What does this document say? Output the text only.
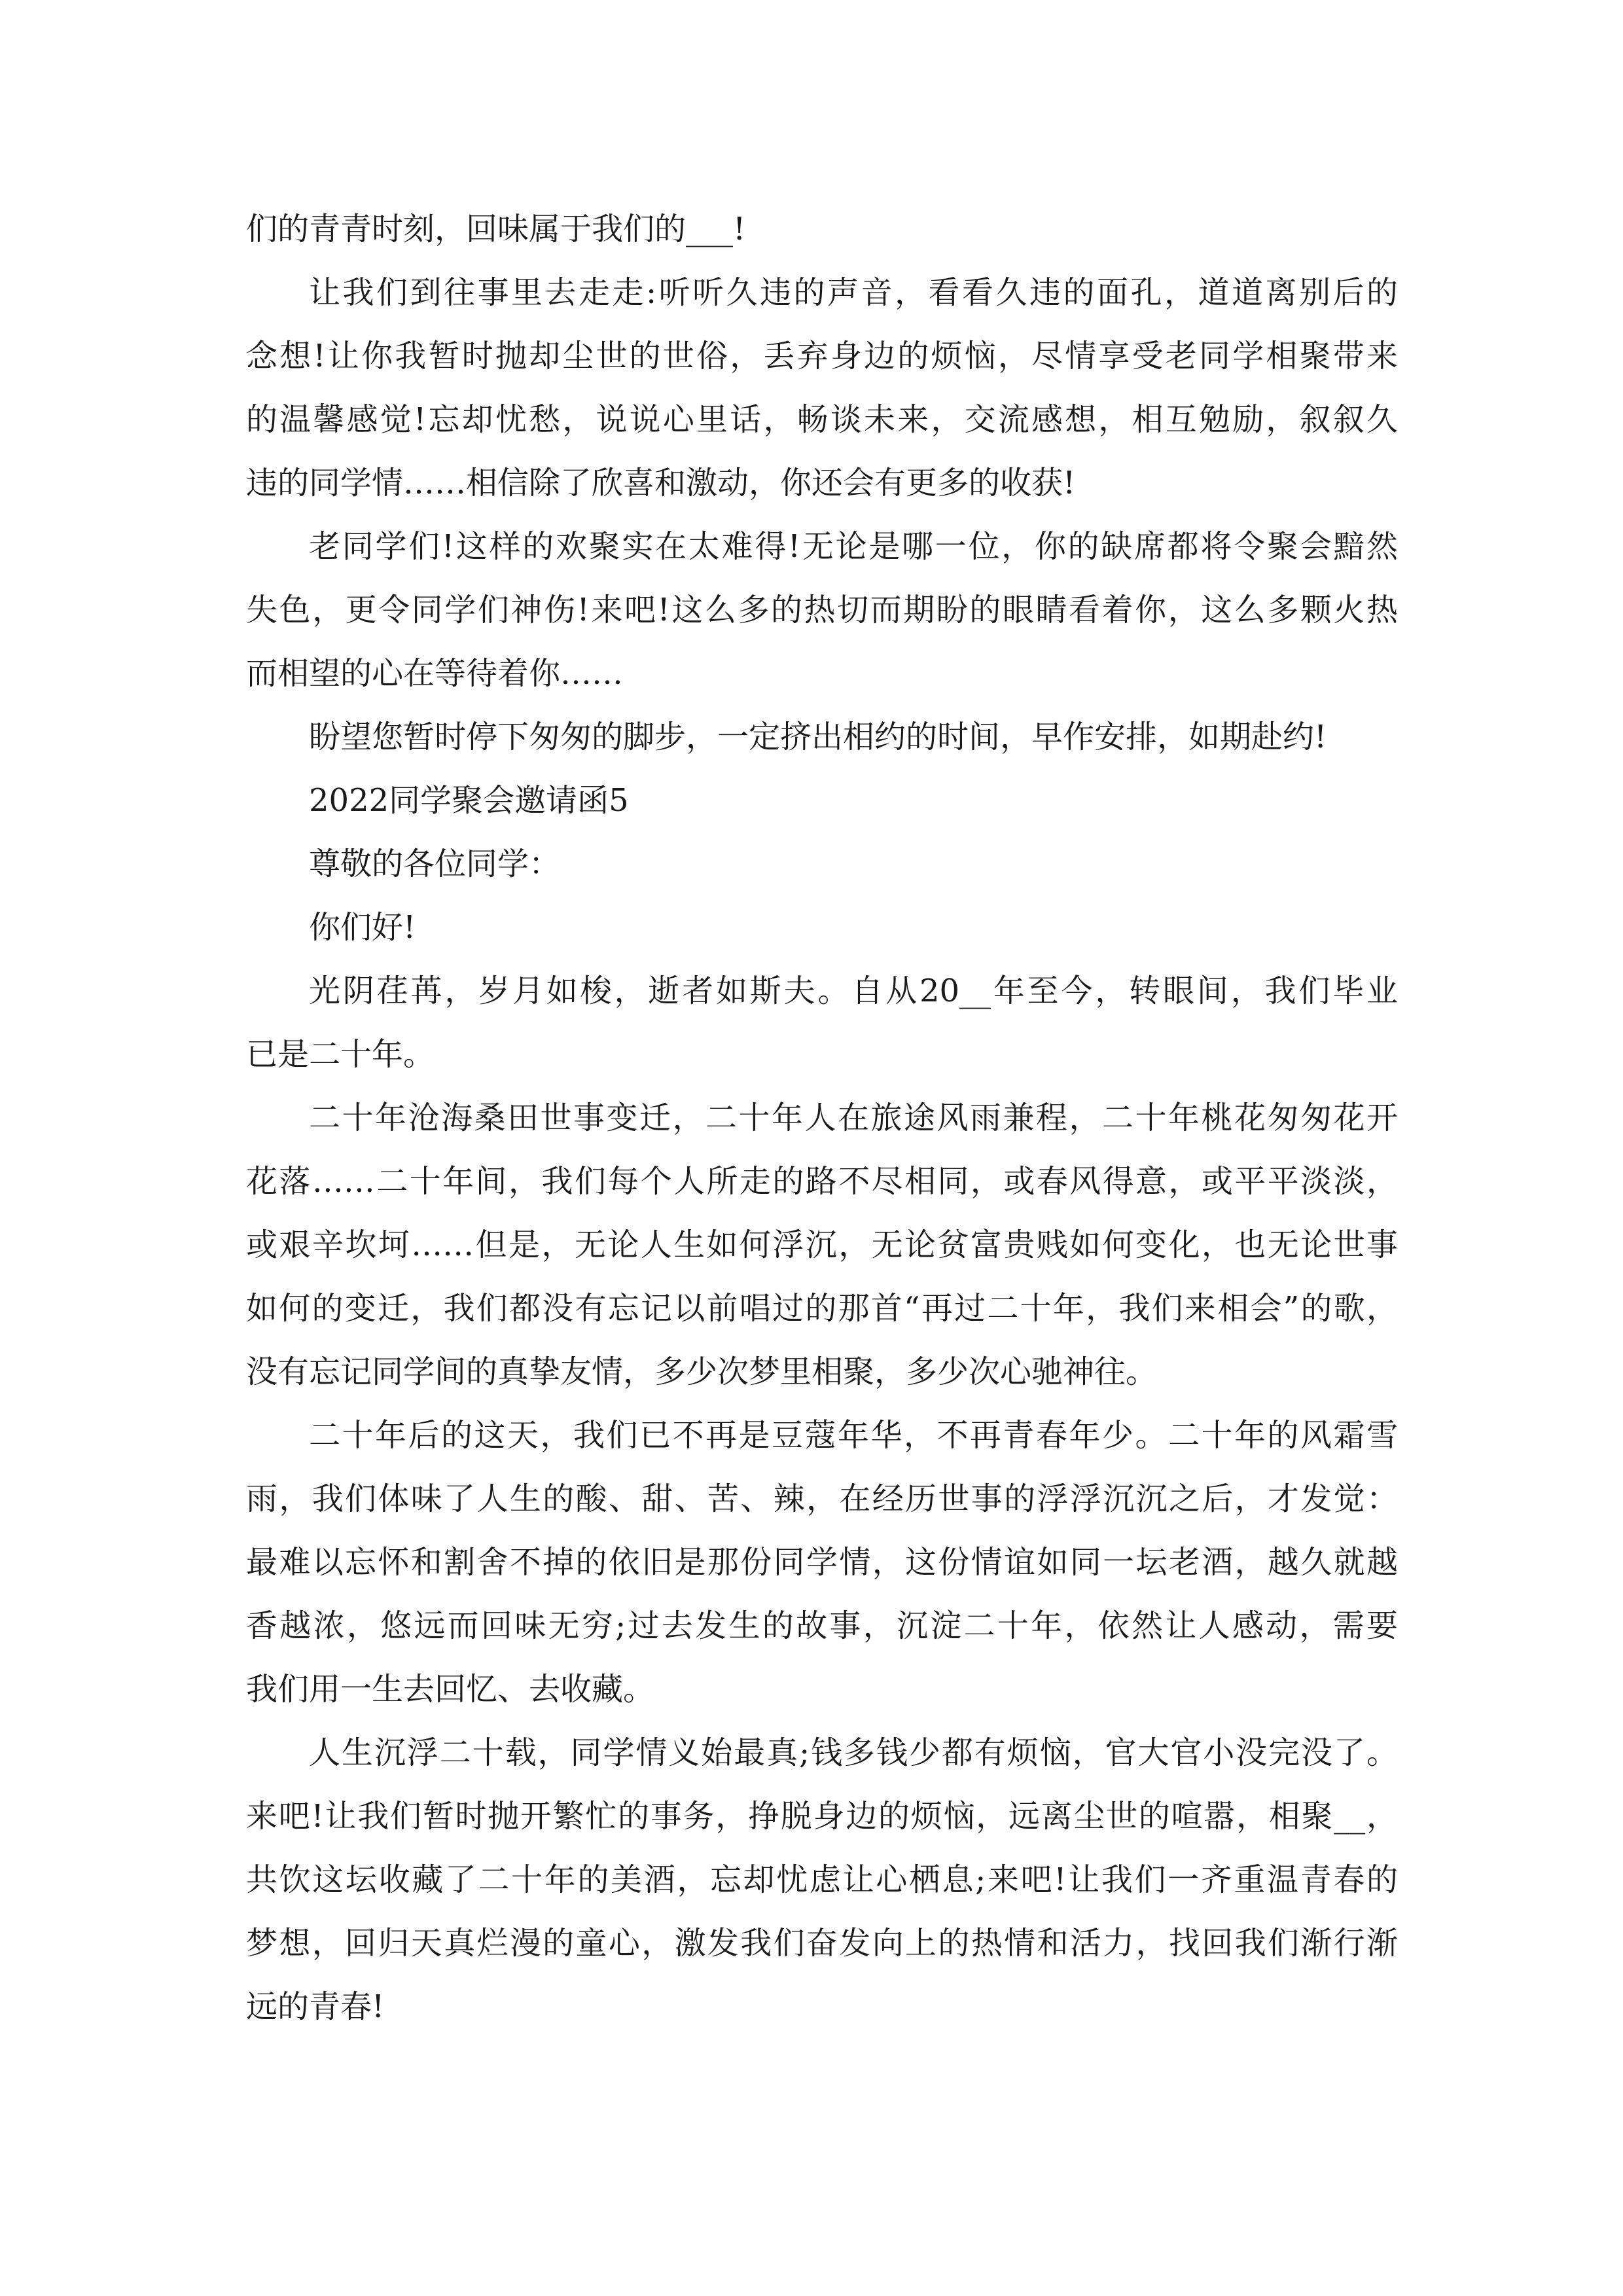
们的青青时刻，回味属于我们的___!
让我们到往事里去走走:听听久违的声音，看看久违的面孔，道道离别后的
念想!让你我暂时抛却尘世的世俗，丢弃身边的烦恼，尽情享受老同学相聚带来
的温馨感觉!忘却忧愁，说说心里话，畅谈未来，交流感想，相互勉励，叙叙久
违的同学情……相信除了欣喜和激动，你还会有更多的收获!
老同学们!这样的欢聚实在太难得!无论是哪一位，你的缺席都将令聚会黯然
失色，更令同学们神伤!来吧!这么多的热切而期盼的眼睛看着你，这么多颗火热
而相望的心在等待着你……
盼望您暂时停下匆匆的脚步，一定挤出相约的时间，早作安排，如期赴约!
2022同学聚会邀请函5
尊敬的各位同学：
你们好!
光阴荏苒，岁月如梭，逝者如斯夫。自从20__年至今，转眼间，我们毕业
已是二十年。
二十年沧海桑田世事变迁，二十年人在旅途风雨兼程，二十年桃花匆匆花开
花落……二十年间，我们每个人所走的路不尽相同，或春风得意，或平平淡淡，
或艰辛坎坷……但是，无论人生如何浮沉，无论贫富贵贱如何变化，也无论世事
如何的变迁，我们都没有忘记以前唱过的那首“再过二十年，我们来相会”的歌，
没有忘记同学间的真挚友情，多少次梦里相聚，多少次心驰神往。
二十年后的这天，我们已不再是豆蔻年华，不再青春年少。二十年的风霜雪
雨，我们体味了人生的酸、甜、苦、辣，在经历世事的浮浮沉沉之后，才发觉：
最难以忘怀和割舍不掉的依旧是那份同学情，这份情谊如同一坛老酒，越久就越
香越浓，悠远而回味无穷;过去发生的故事，沉淀二十年，依然让人感动，需要
我们用一生去回忆、去收藏。
人生沉浮二十载，同学情义始最真;钱多钱少都有烦恼，官大官小没完没了。
来吧!让我们暂时抛开繁忙的事务，挣脱身边的烦恼，远离尘世的喧嚣，相聚__，
共饮这坛收藏了二十年的美酒，忘却忧虑让心栖息;来吧!让我们一齐重温青春的
梦想，回归天真烂漫的童心，激发我们奋发向上的热情和活力，找回我们渐行渐
远的青春!
